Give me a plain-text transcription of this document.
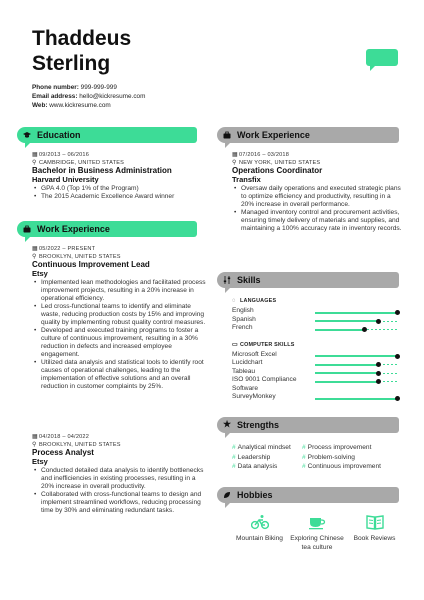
Thaddeus
Sterling
Phone number: 999-999-999
Email address: hello@kickresume.com
Web: www.kickresume.com
Education
▦ 09/2013 – 06/2016
⚲ CAMBRIDGE, UNITED STATES
Bachelor in Business Administration
Harvard University
• GPA 4.0 (Top 1% of the Program)
• The 2015 Academic Excellence Award winner
Work Experience
▦ 05/2022 – PRESENT
⚲ BROOKLYN, UNITED STATES
Continuous Improvement Lead
Etsy
• Implemented lean methodologies and facilitated process improvement projects, resulting in a 20% increase in operational efficiency.
• Led cross-functional teams to identify and eliminate waste, reducing production costs by 15% and improving quality by implementing robust quality control measures.
• Developed and executed training programs to foster a culture of continuous improvement, resulting in a 30% reduction in defects and increased employee engagement.
• Utilized data analysis and statistical tools to identify root causes of operational challenges, leading to the implementation of effective solutions and an overall reduction in customer complaints by 25%.
▦ 04/2018 – 04/2022
⚲ BROOKLYN, UNITED STATES
Process Analyst
Etsy
• Conducted detailed data analysis to identify bottlenecks and inefficiencies in existing processes, resulting in a 20% increase in overall productivity.
• Collaborated with cross-functional teams to design and implement streamlined workflows, reducing processing time by 30% and eliminating redundant tasks.
Work Experience
▦ 07/2016 – 03/2018
⚲ NEW YORK, UNITED STATES
Operations Coordinator
Transfix
• Oversaw daily operations and executed strategic plans to optimize efficiency and productivity, resulting in a 20% increase in overall performance.
• Managed inventory control and procurement activities, ensuring timely delivery of materials and supplies, and maintaining a 100% accuracy rate in inventory records.
Skills
◌ LANGUAGES
English
Spanish
French
▭ COMPUTER SKILLS
Microsoft Excel
Lucidchart
Tableau
ISO 9001 Compliance Software
SurveyMonkey
★ Strengths
# Analytical mindset	# Process improvement
# Leadership	# Problem-solving
# Data analysis	# Continuous improvement
Hobbies
Mountain Biking	Exploring Chinese tea culture
Book Reviews
